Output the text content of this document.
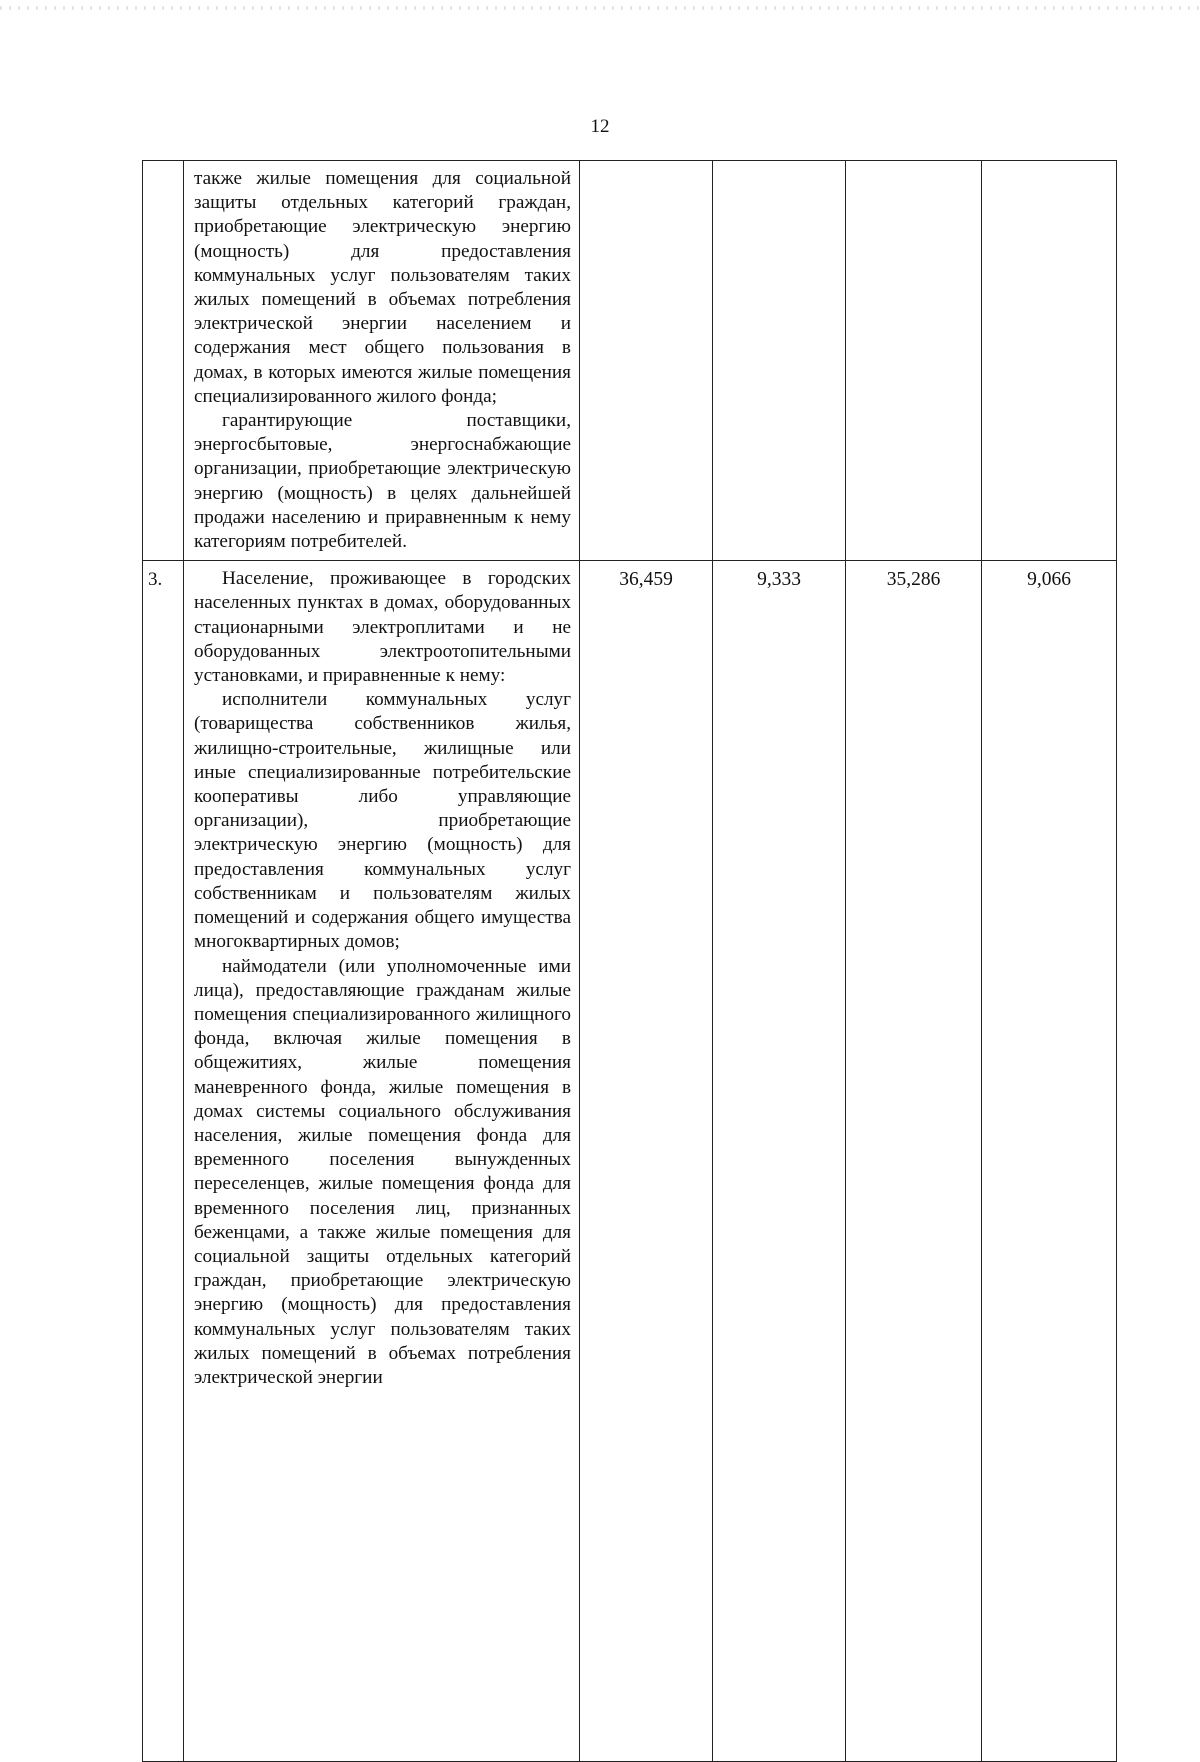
12

	также жилые помещения для социальной защиты отдельных категорий граждан, приобретающие электрическую энергию (мощность) для предоставления коммунальных услуг пользователям таких жилых помещений в объемах потребления электрической энергии населением и содержания мест общего пользования в домах, в которых имеются жилые помещения специализированного жилого фонда;

гарантирующие поставщики, энергосбытовые, энергоснабжающие организации, приобретающие электрическую энергию (мощность) в целях дальнейшей продажи населению и приравненным к нему категориям потребителей.				

3.	Население, проживающее в городских населенных пунктах в домах, оборудованных стационарными электроплитами и не оборудованных электроотопительными установками, и приравненные к нему:

исполнители коммунальных услуг (товарищества собственников жилья, жилищно-строительные, жилищные или иные специализированные потребительские кооперативы либо управляющие организации), приобретающие электрическую энергию (мощность) для предоставления коммунальных услуг собственникам и пользователям жилых помещений и содержания общего имущества многоквартирных домов;

наймодатели (или уполномоченные ими лица), предоставляющие гражданам жилые помещения специализированного жилищного фонда, включая жилые помещения в общежитиях, жилые помещения маневренного фонда, жилые помещения в домах системы социального обслуживания населения, жилые помещения фонда для временного поселения вынужденных переселенцев, жилые помещения фонда для временного поселения лиц, признанных беженцами, а также жилые помещения для социальной защиты отдельных категорий граждан, приобретающие электрическую энергию (мощность) для предоставления коммунальных услуг пользователям таких жилых помещений в объемах потребления электрической энергии	36,459	9,333	35,286	9,066
